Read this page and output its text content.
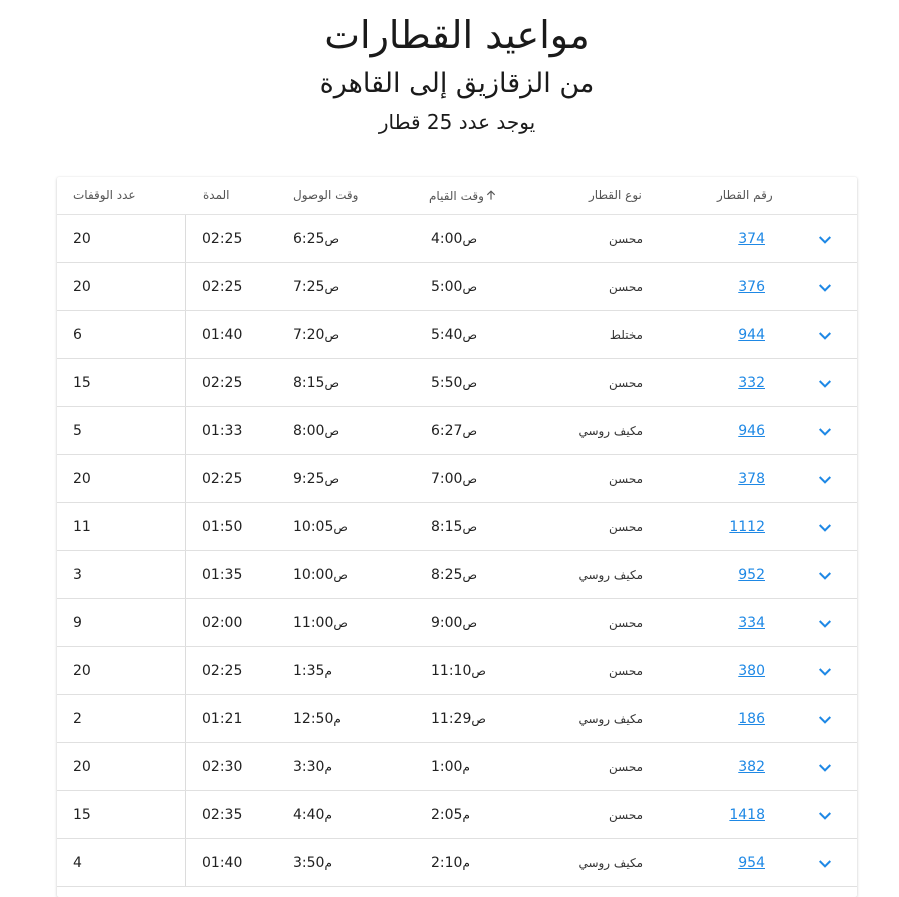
مواعيد القطارات
من الزقازيق إلى القاهرة
يوجد عدد 25 قطار
عدد الوقفات	المدة	وقت الوصول	وقت القيام	نوع القطار	رقم القطار
20	02:25	ص6:25	ص4:00	محسن	374
20	02:25	ص7:25	ص5:00	محسن	376
6	01:40	ص7:20	ص5:40	مختلط	944
15	02:25	ص8:15	ص5:50	محسن	332
5	01:33	ص8:00	ص6:27	مكيف روسي	946
20	02:25	ص9:25	ص7:00	محسن	378
11	01:50	ص10:05	ص8:15	محسن	1112
3	01:35	ص10:00	ص8:25	مكيف روسي	952
9	02:00	ص11:00	ص9:00	محسن	334
20	02:25	م1:35	ص11:10	محسن	380
2	01:21	م12:50	ص11:29	مكيف روسي	186
20	02:30	م3:30	م1:00	محسن	382
15	02:35	م4:40	م2:05	محسن	1418
4	01:40	م3:50	م2:10	مكيف روسي	954
